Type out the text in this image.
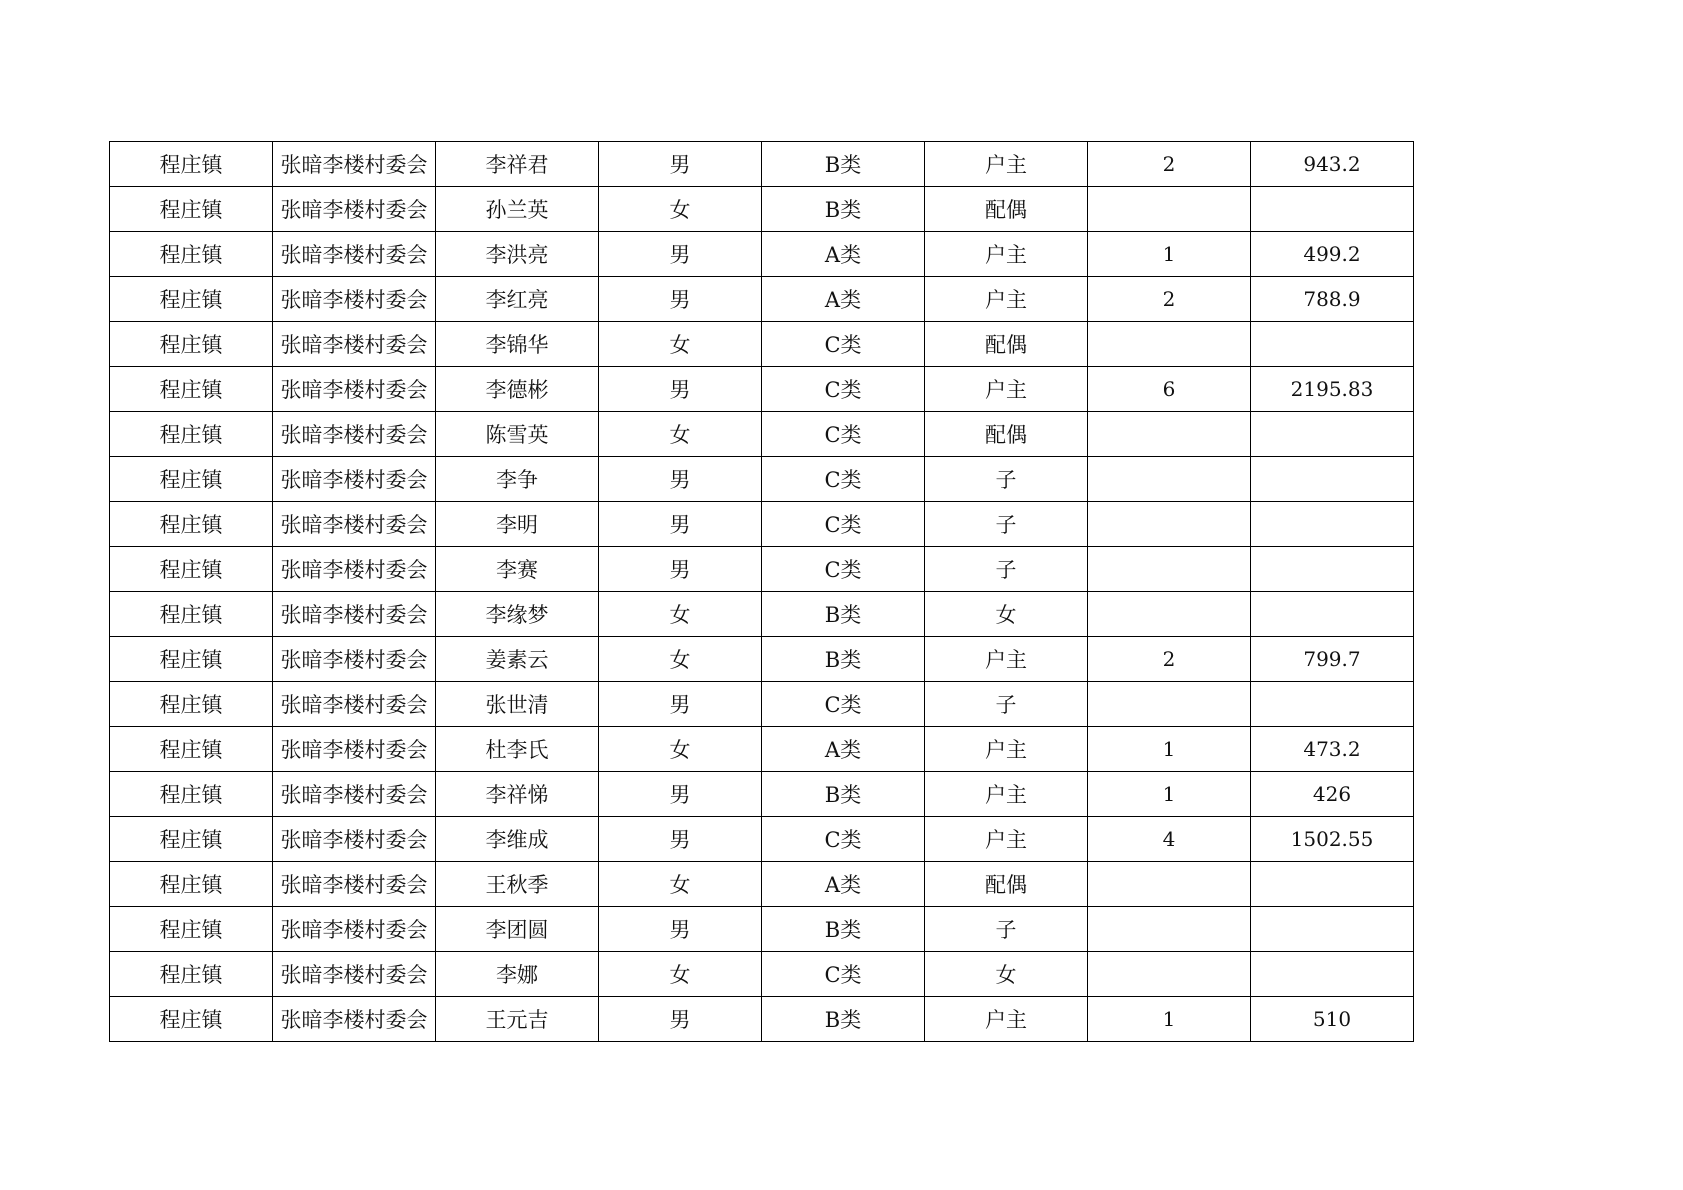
程庄镇	张暗李楼村委会	李祥君	男	B类	户主	2	943.2
程庄镇	张暗李楼村委会	孙兰英	女	B类	配偶		
程庄镇	张暗李楼村委会	李洪亮	男	A类	户主	1	499.2
程庄镇	张暗李楼村委会	李红亮	男	A类	户主	2	788.9
程庄镇	张暗李楼村委会	李锦华	女	C类	配偶		
程庄镇	张暗李楼村委会	李德彬	男	C类	户主	6	2195.83
程庄镇	张暗李楼村委会	陈雪英	女	C类	配偶		
程庄镇	张暗李楼村委会	李争	男	C类	子		
程庄镇	张暗李楼村委会	李明	男	C类	子		
程庄镇	张暗李楼村委会	李赛	男	C类	子		
程庄镇	张暗李楼村委会	李缘梦	女	B类	女		
程庄镇	张暗李楼村委会	姜素云	女	B类	户主	2	799.7
程庄镇	张暗李楼村委会	张世清	男	C类	子		
程庄镇	张暗李楼村委会	杜李氏	女	A类	户主	1	473.2
程庄镇	张暗李楼村委会	李祥悌	男	B类	户主	1	426
程庄镇	张暗李楼村委会	李维成	男	C类	户主	4	1502.55
程庄镇	张暗李楼村委会	王秋季	女	A类	配偶		
程庄镇	张暗李楼村委会	李团圆	男	B类	子		
程庄镇	张暗李楼村委会	李娜	女	C类	女		
程庄镇	张暗李楼村委会	王元吉	男	B类	户主	1	510
